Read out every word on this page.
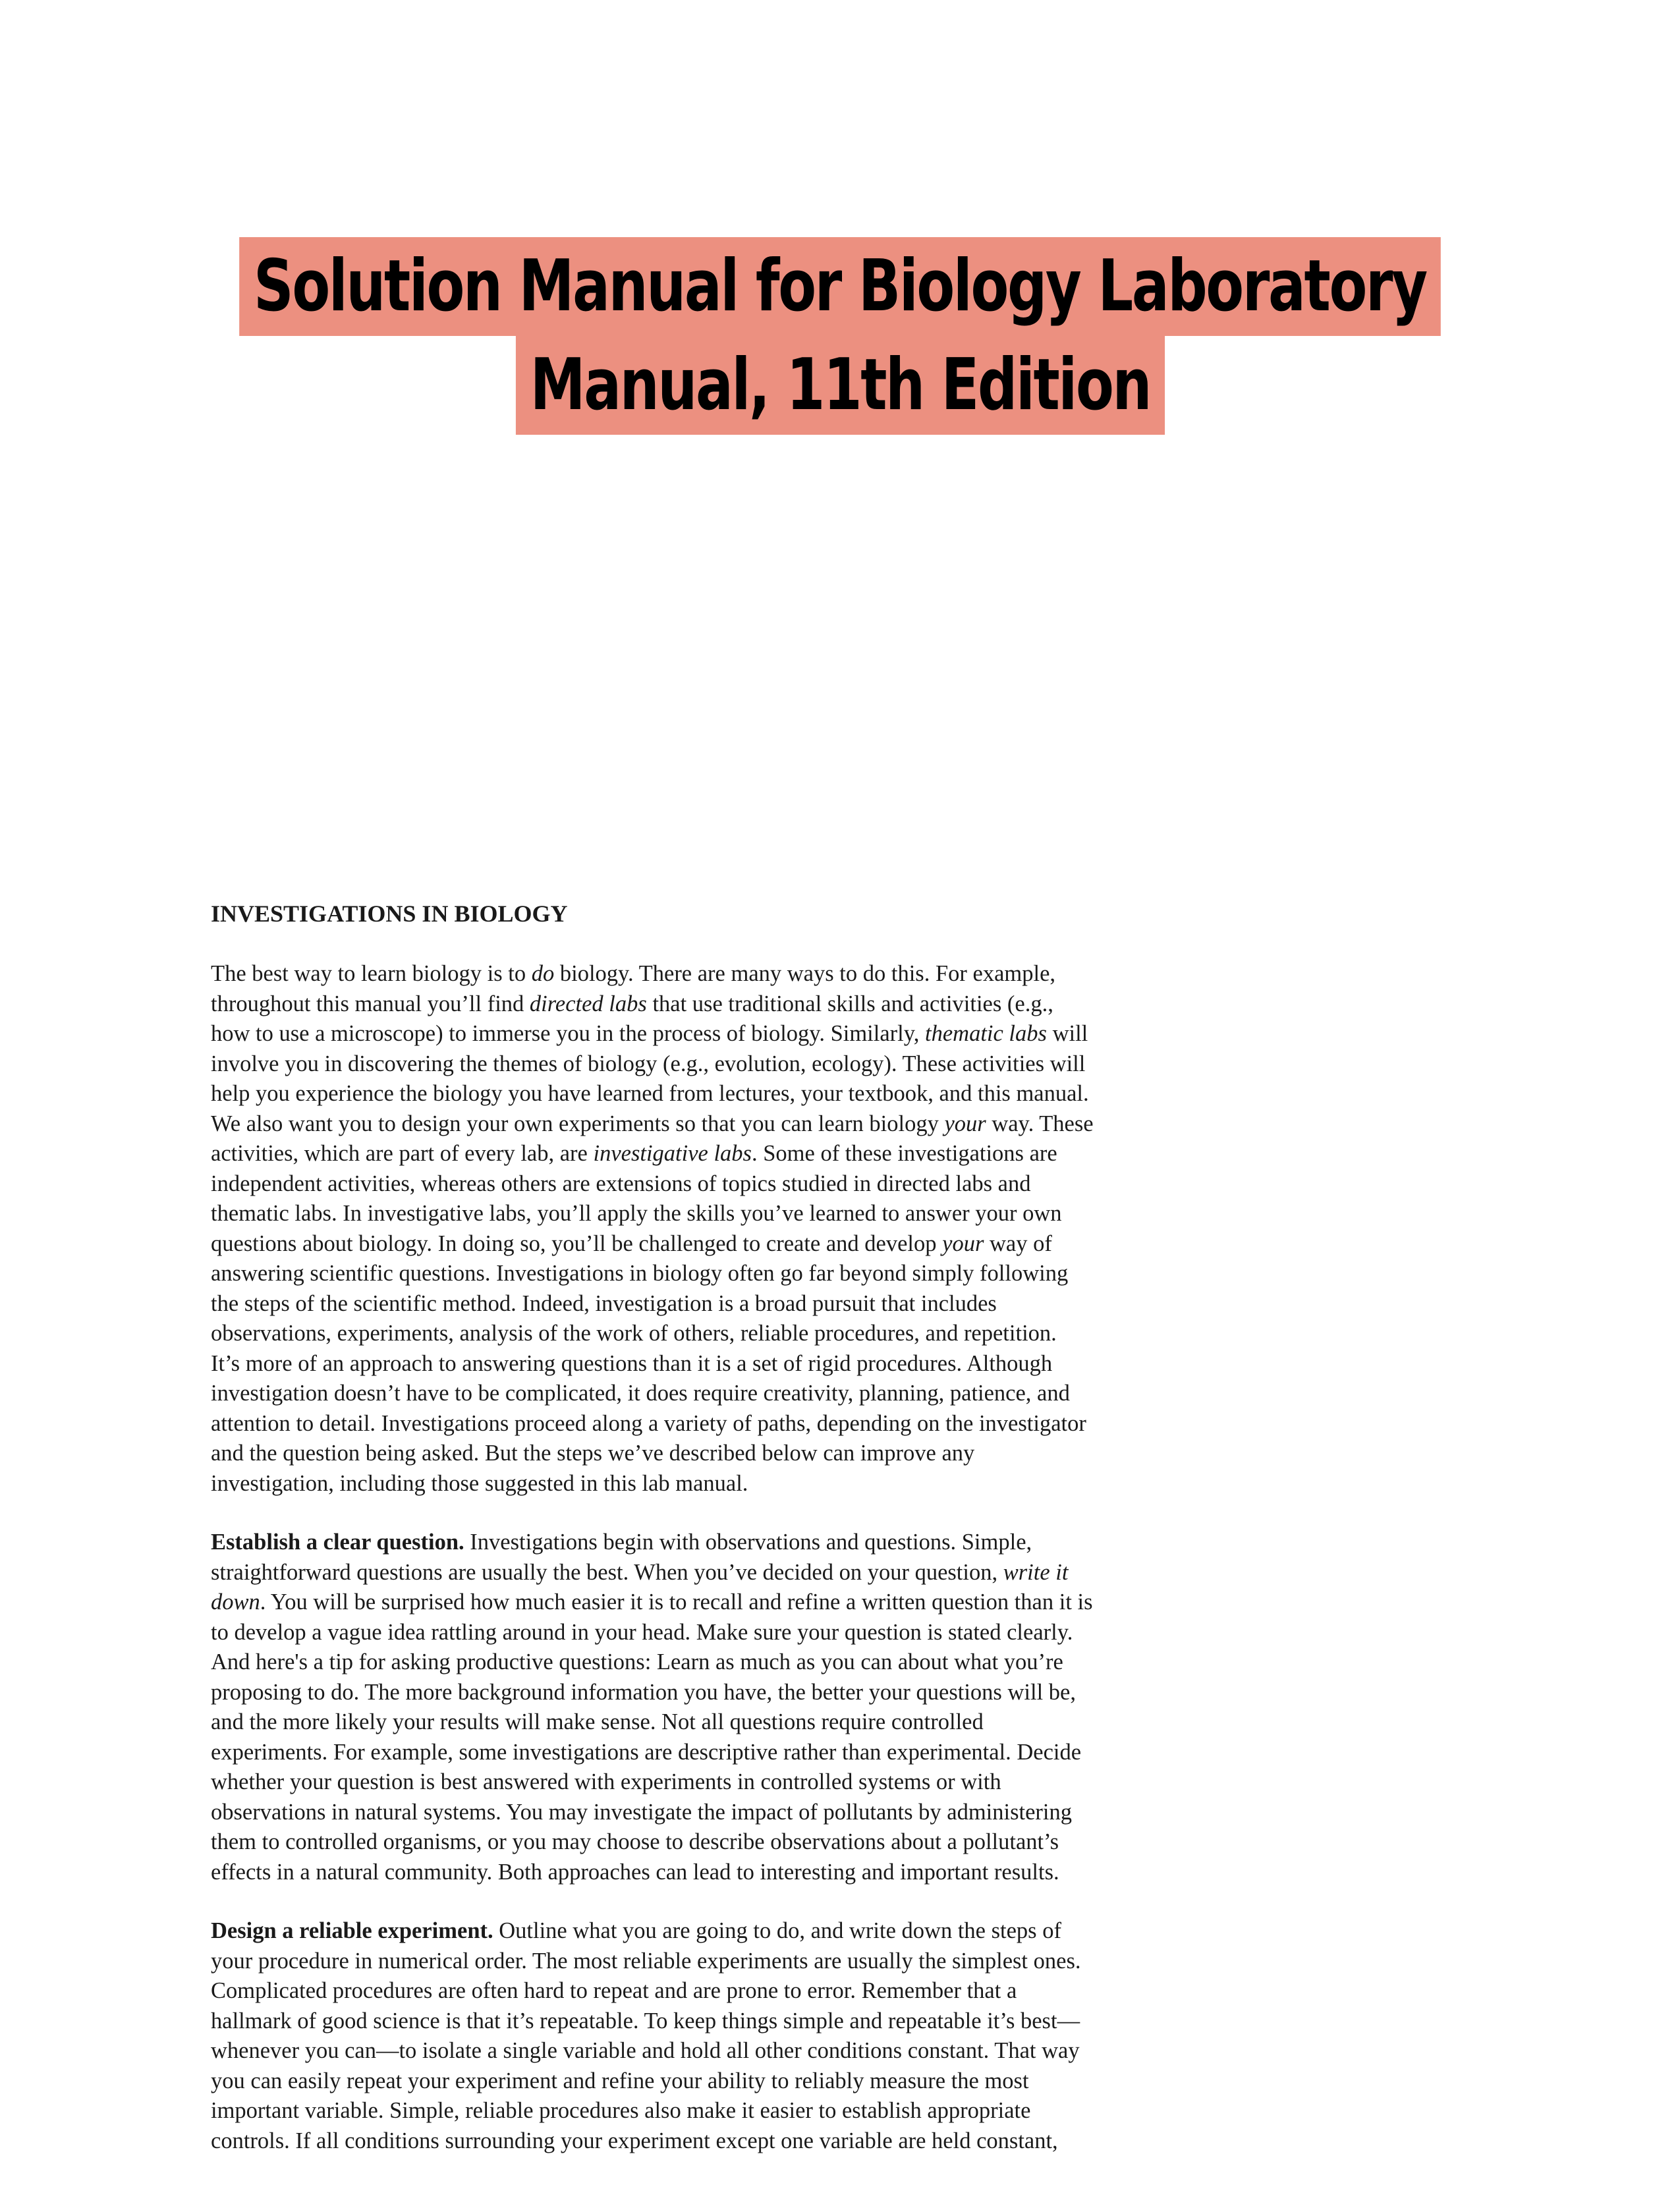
Solution Manual for Biology Laboratory
Manual, 11th Edition
INVESTIGATIONS IN BIOLOGY
The best way to learn biology is to do biology. There are many ways to do this. For example,
throughout this manual you’ll find directed labs that use traditional skills and activities (e.g.,
how to use a microscope) to immerse you in the process of biology. Similarly, thematic labs will
involve you in discovering the themes of biology (e.g., evolution, ecology). These activities will
help you experience the biology you have learned from lectures, your textbook, and this manual.
We also want you to design your own experiments so that you can learn biology your way. These
activities, which are part of every lab, are investigative labs. Some of these investigations are
independent activities, whereas others are extensions of topics studied in directed labs and
thematic labs. In investigative labs, you’ll apply the skills you’ve learned to answer your own
questions about biology. In doing so, you’ll be challenged to create and develop your way of
answering scientific questions. Investigations in biology often go far beyond simply following
the steps of the scientific method. Indeed, investigation is a broad pursuit that includes
observations, experiments, analysis of the work of others, reliable procedures, and repetition.
It’s more of an approach to answering questions than it is a set of rigid procedures. Although
investigation doesn’t have to be complicated, it does require creativity, planning, patience, and
attention to detail. Investigations proceed along a variety of paths, depending on the investigator
and the question being asked. But the steps we’ve described below can improve any
investigation, including those suggested in this lab manual.
Establish a clear question. Investigations begin with observations and questions. Simple,
straightforward questions are usually the best. When you’ve decided on your question, write it
down. You will be surprised how much easier it is to recall and refine a written question than it is
to develop a vague idea rattling around in your head. Make sure your question is stated clearly.
And here's a tip for asking productive questions: Learn as much as you can about what you’re
proposing to do. The more background information you have, the better your questions will be,
and the more likely your results will make sense. Not all questions require controlled
experiments. For example, some investigations are descriptive rather than experimental. Decide
whether your question is best answered with experiments in controlled systems or with
observations in natural systems. You may investigate the impact of pollutants by administering
them to controlled organisms, or you may choose to describe observations about a pollutant’s
effects in a natural community. Both approaches can lead to interesting and important results.
Design a reliable experiment. Outline what you are going to do, and write down the steps of
your procedure in numerical order. The most reliable experiments are usually the simplest ones.
Complicated procedures are often hard to repeat and are prone to error. Remember that a
hallmark of good science is that it’s repeatable. To keep things simple and repeatable it’s best—
whenever you can—to isolate a single variable and hold all other conditions constant. That way
you can easily repeat your experiment and refine your ability to reliably measure the most
important variable. Simple, reliable procedures also make it easier to establish appropriate
controls. If all conditions surrounding your experiment except one variable are held constant,
